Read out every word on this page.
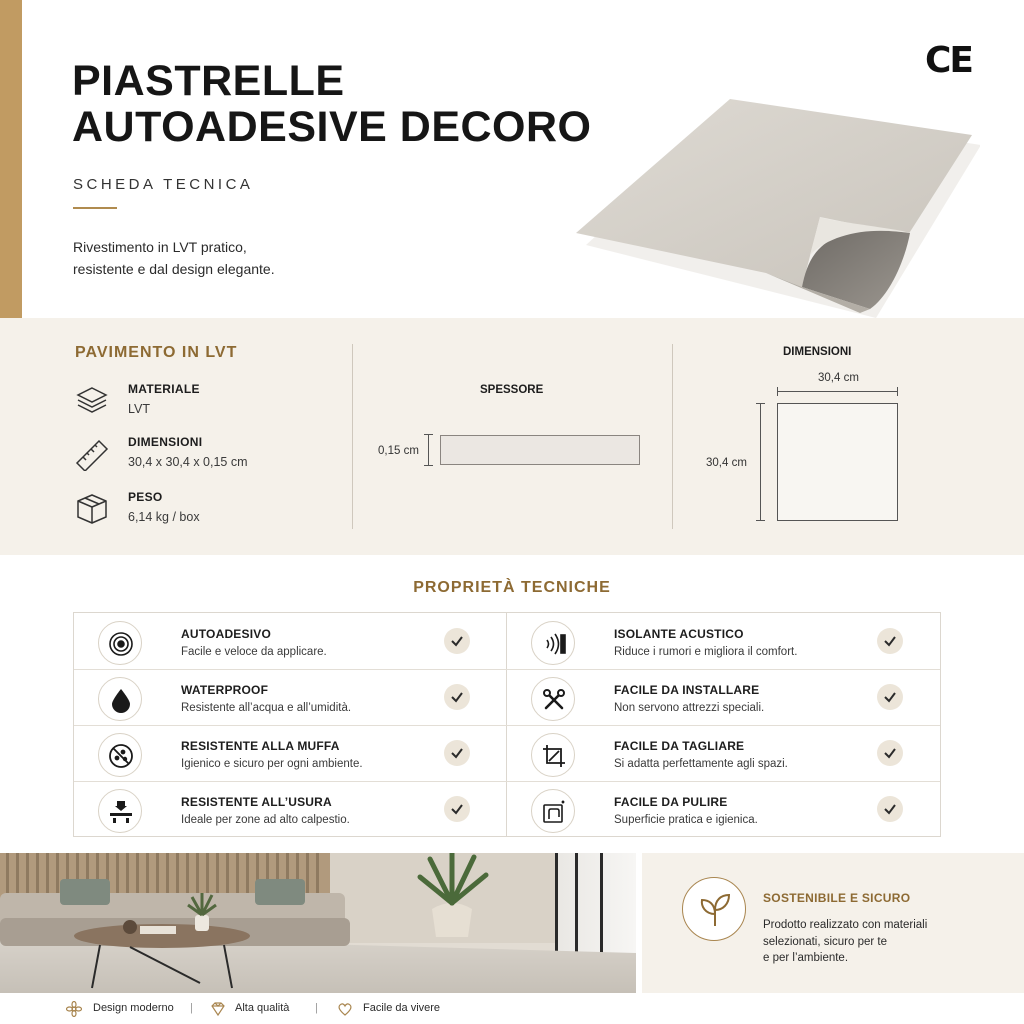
PIASTRELLE
AUTOADESIVE DECORO
SCHEDA TECNICA
Rivestimento in LVT pratico,
resistente e dal design elegante.
CE
PAVIMENTO IN LVT
MATERIALE
LVT
DIMENSIONI
30,4 x 30,4 x 0,15 cm
PESO
6,14 kg / box
SPESSORE
0,15 cm
DIMENSIONI
30,4 cm
30,4 cm
PROPRIETÀ TECNICHE
AUTOADESIVO
Facile e veloce da applicare.
WATERPROOF
Resistente all’acqua e all’umidità.
RESISTENTE ALLA MUFFA
Igienico e sicuro per ogni ambiente.
RESISTENTE ALL’USURA
Ideale per zone ad alto calpestio.
ISOLANTE ACUSTICO
Riduce i rumori e migliora il comfort.
FACILE DA INSTALLARE
Non servono attrezzi speciali.
FACILE DA TAGLIARE
Si adatta perfettamente agli spazi.
FACILE DA PULIRE
Superficie pratica e igienica.
SOSTENIBILE E SICURO
Prodotto realizzato con materiali
selezionati, sicuro per te
e per l’ambiente.
Design moderno |	Alta qualità |	Facile da vivere
